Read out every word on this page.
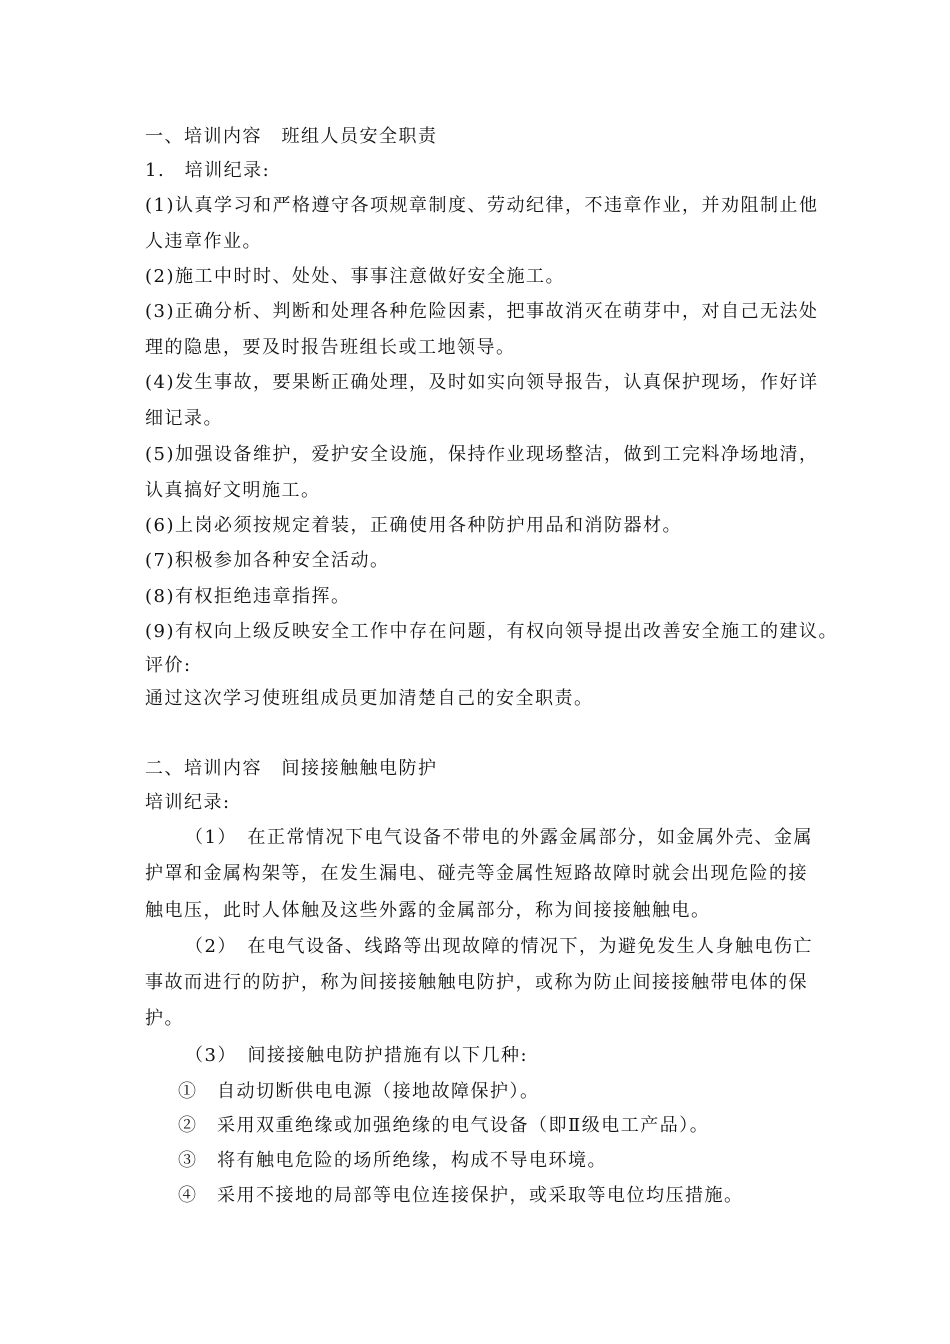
一、培训内容　班组人员安全职责
1.　培训纪录:
(1)认真学习和严格遵守各项规章制度、劳动纪律，不违章作业，并劝阻制止他
人违章作业。
(2)施工中时时、处处、事事注意做好安全施工。
(3)正确分析、判断和处理各种危险因素，把事故消灭在萌芽中，对自己无法处
理的隐患，要及时报告班组长或工地领导。
(4)发生事故，要果断正确处理，及时如实向领导报告，认真保护现场，作好详
细记录。
(5)加强设备维护，爱护安全设施，保持作业现场整洁，做到工完料净场地清，
认真搞好文明施工。
(6)上岗必须按规定着装，正确使用各种防护用品和消防器材。
(7)积极参加各种安全活动。
(8)有权拒绝违章指挥。
(9)有权向上级反映安全工作中存在问题，有权向领导提出改善安全施工的建议。
评价:
通过这次学习使班组成员更加清楚自己的安全职责。
二、培训内容　间接接触触电防护
培训纪录:
（1）　在正常情况下电气设备不带电的外露金属部分，如金属外壳、金属
护罩和金属构架等，在发生漏电、碰壳等金属性短路故障时就会出现危险的接
触电压，此时人体触及这些外露的金属部分，称为间接接触触电。
（2）　在电气设备、线路等出现故障的情况下，为避免发生人身触电伤亡
事故而进行的防护，称为间接接触触电防护，或称为防止间接接触带电体的保
护。
（3）　间接接触电防护措施有以下几种:
①　自动切断供电电源（接地故障保护）。
②　采用双重绝缘或加强绝缘的电气设备（即Ⅱ级电工产品）。
③　将有触电危险的场所绝缘，构成不导电环境。
④　采用不接地的局部等电位连接保护，或采取等电位均压措施。
